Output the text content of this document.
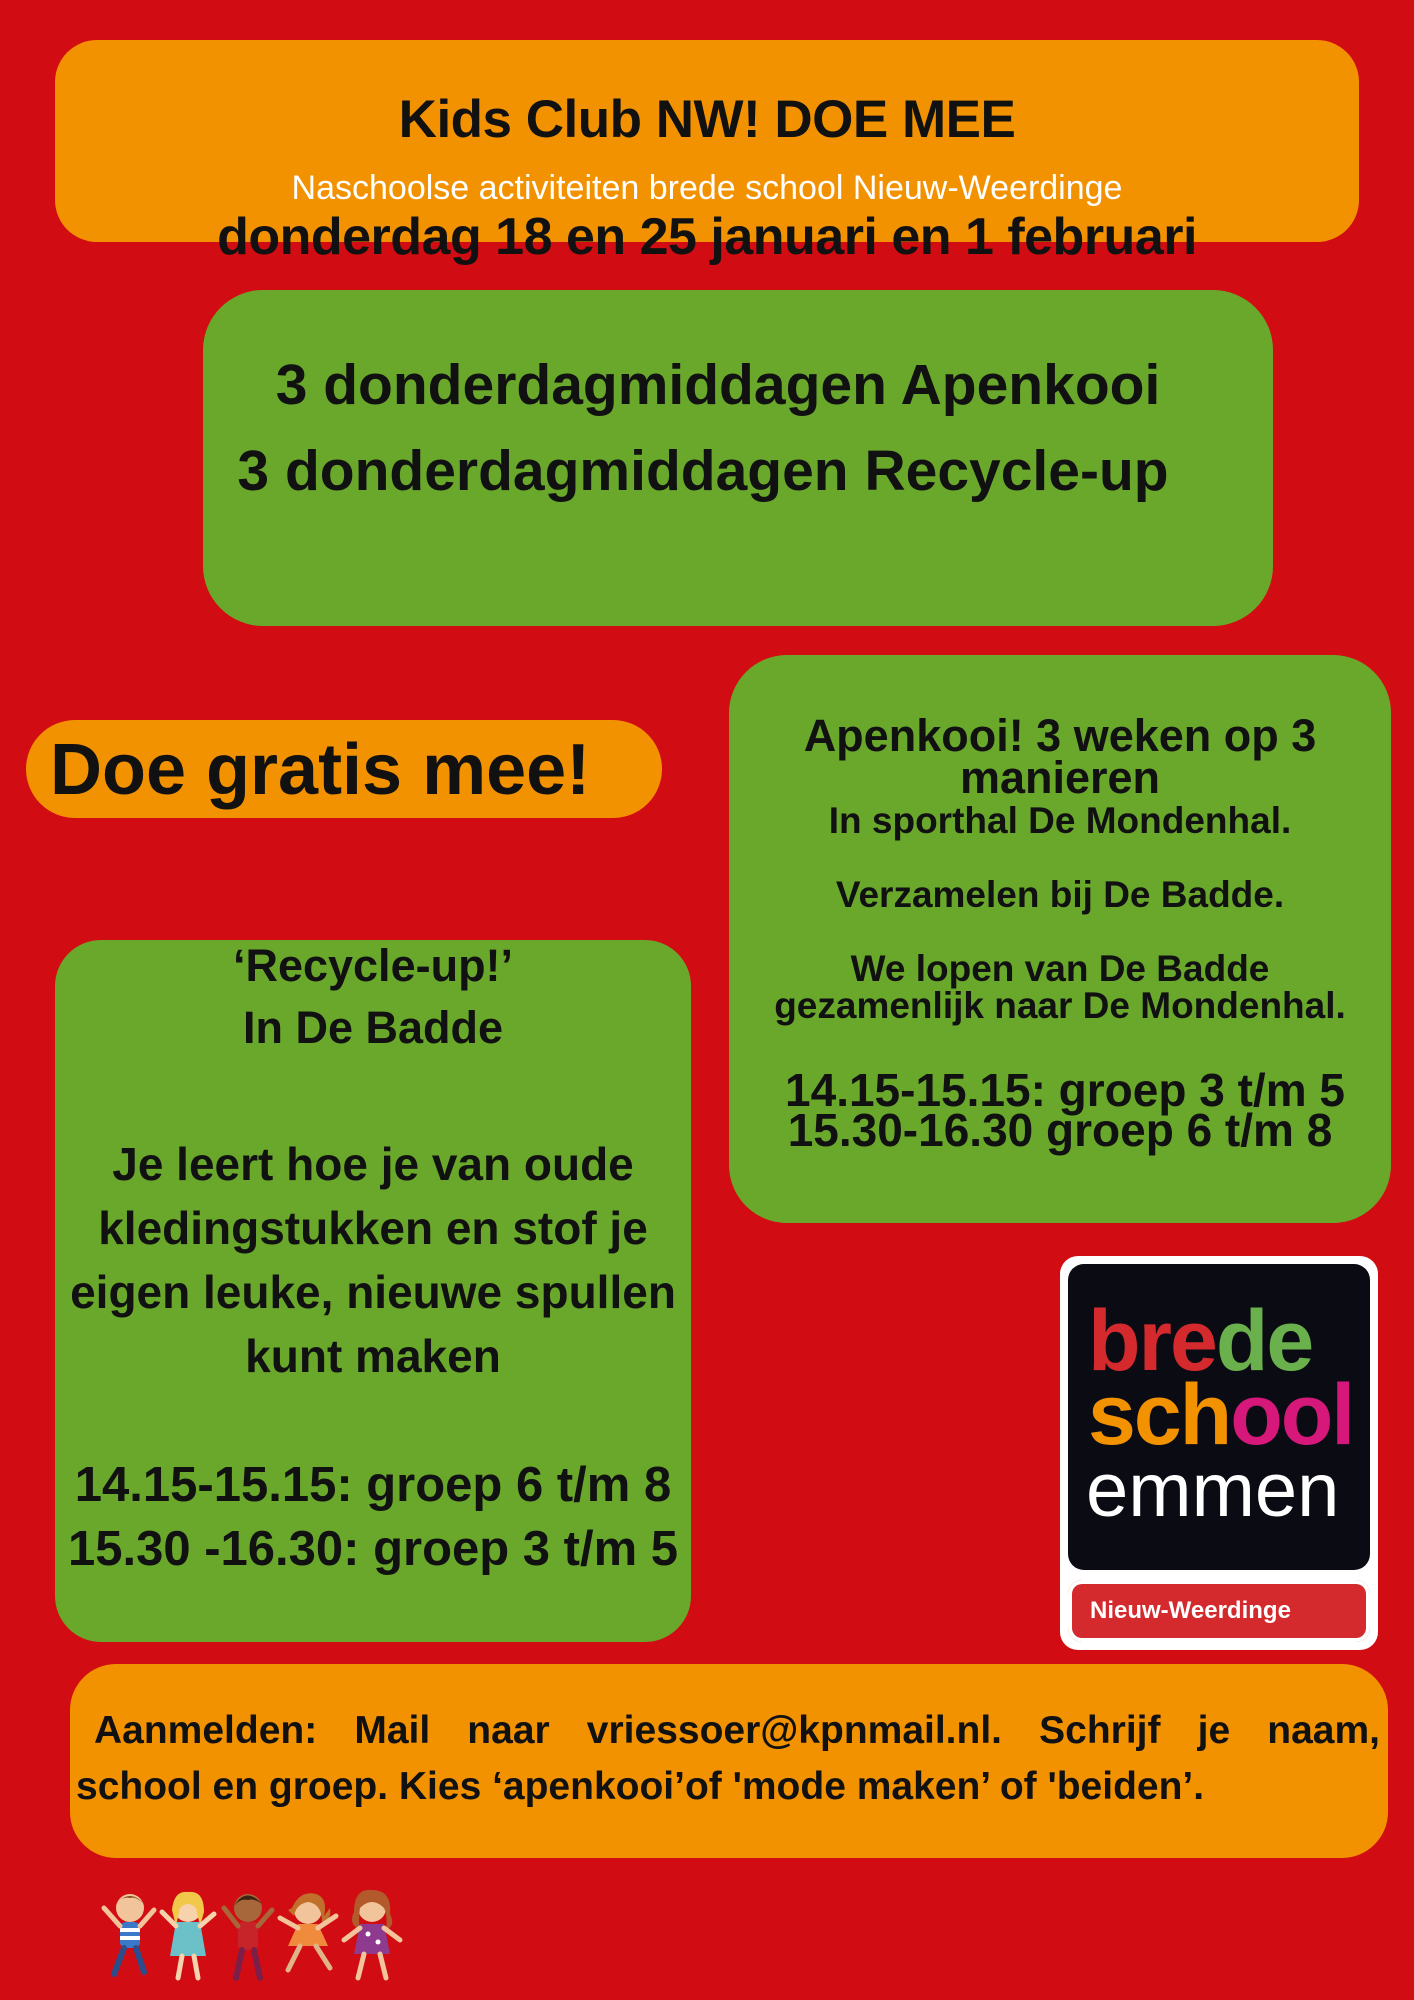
Kids Club NW! DOE MEE
Naschoolse activiteiten brede school Nieuw-Weerdinge
donderdag 18 en 25 januari en 1 februari
3 donderdagmiddagen Apenkooi
3 donderdagmiddagen Recycle-up
Doe gratis mee!	Apenkooi! 3 weken op 3
manieren
In sporthal De Mondenhal.
Verzamelen bij De Badde.
We lopen van De Badde
gezamenlijk naar De Mondenhal.
14.15-15.15: groep 3 t/m 5
15.30-16.30 groep 6 t/m 8
‘Recycle-up!’
In De Badde
Je leert hoe je van oude
kledingstukken en stof je
eigen leuke, nieuwe spullen
kunt maken
14.15-15.15: groep 6 t/m 8
15.30 -16.30: groep 3 t/m 5
brede
school
emmen
Nieuw-Weerdinge
Aanmelden: Mail naar vriessoer@kpnmail.nl. Schrijf je naam,
school en groep. Kies ‘apenkooi’of 'mode maken’ of 'beiden’.
